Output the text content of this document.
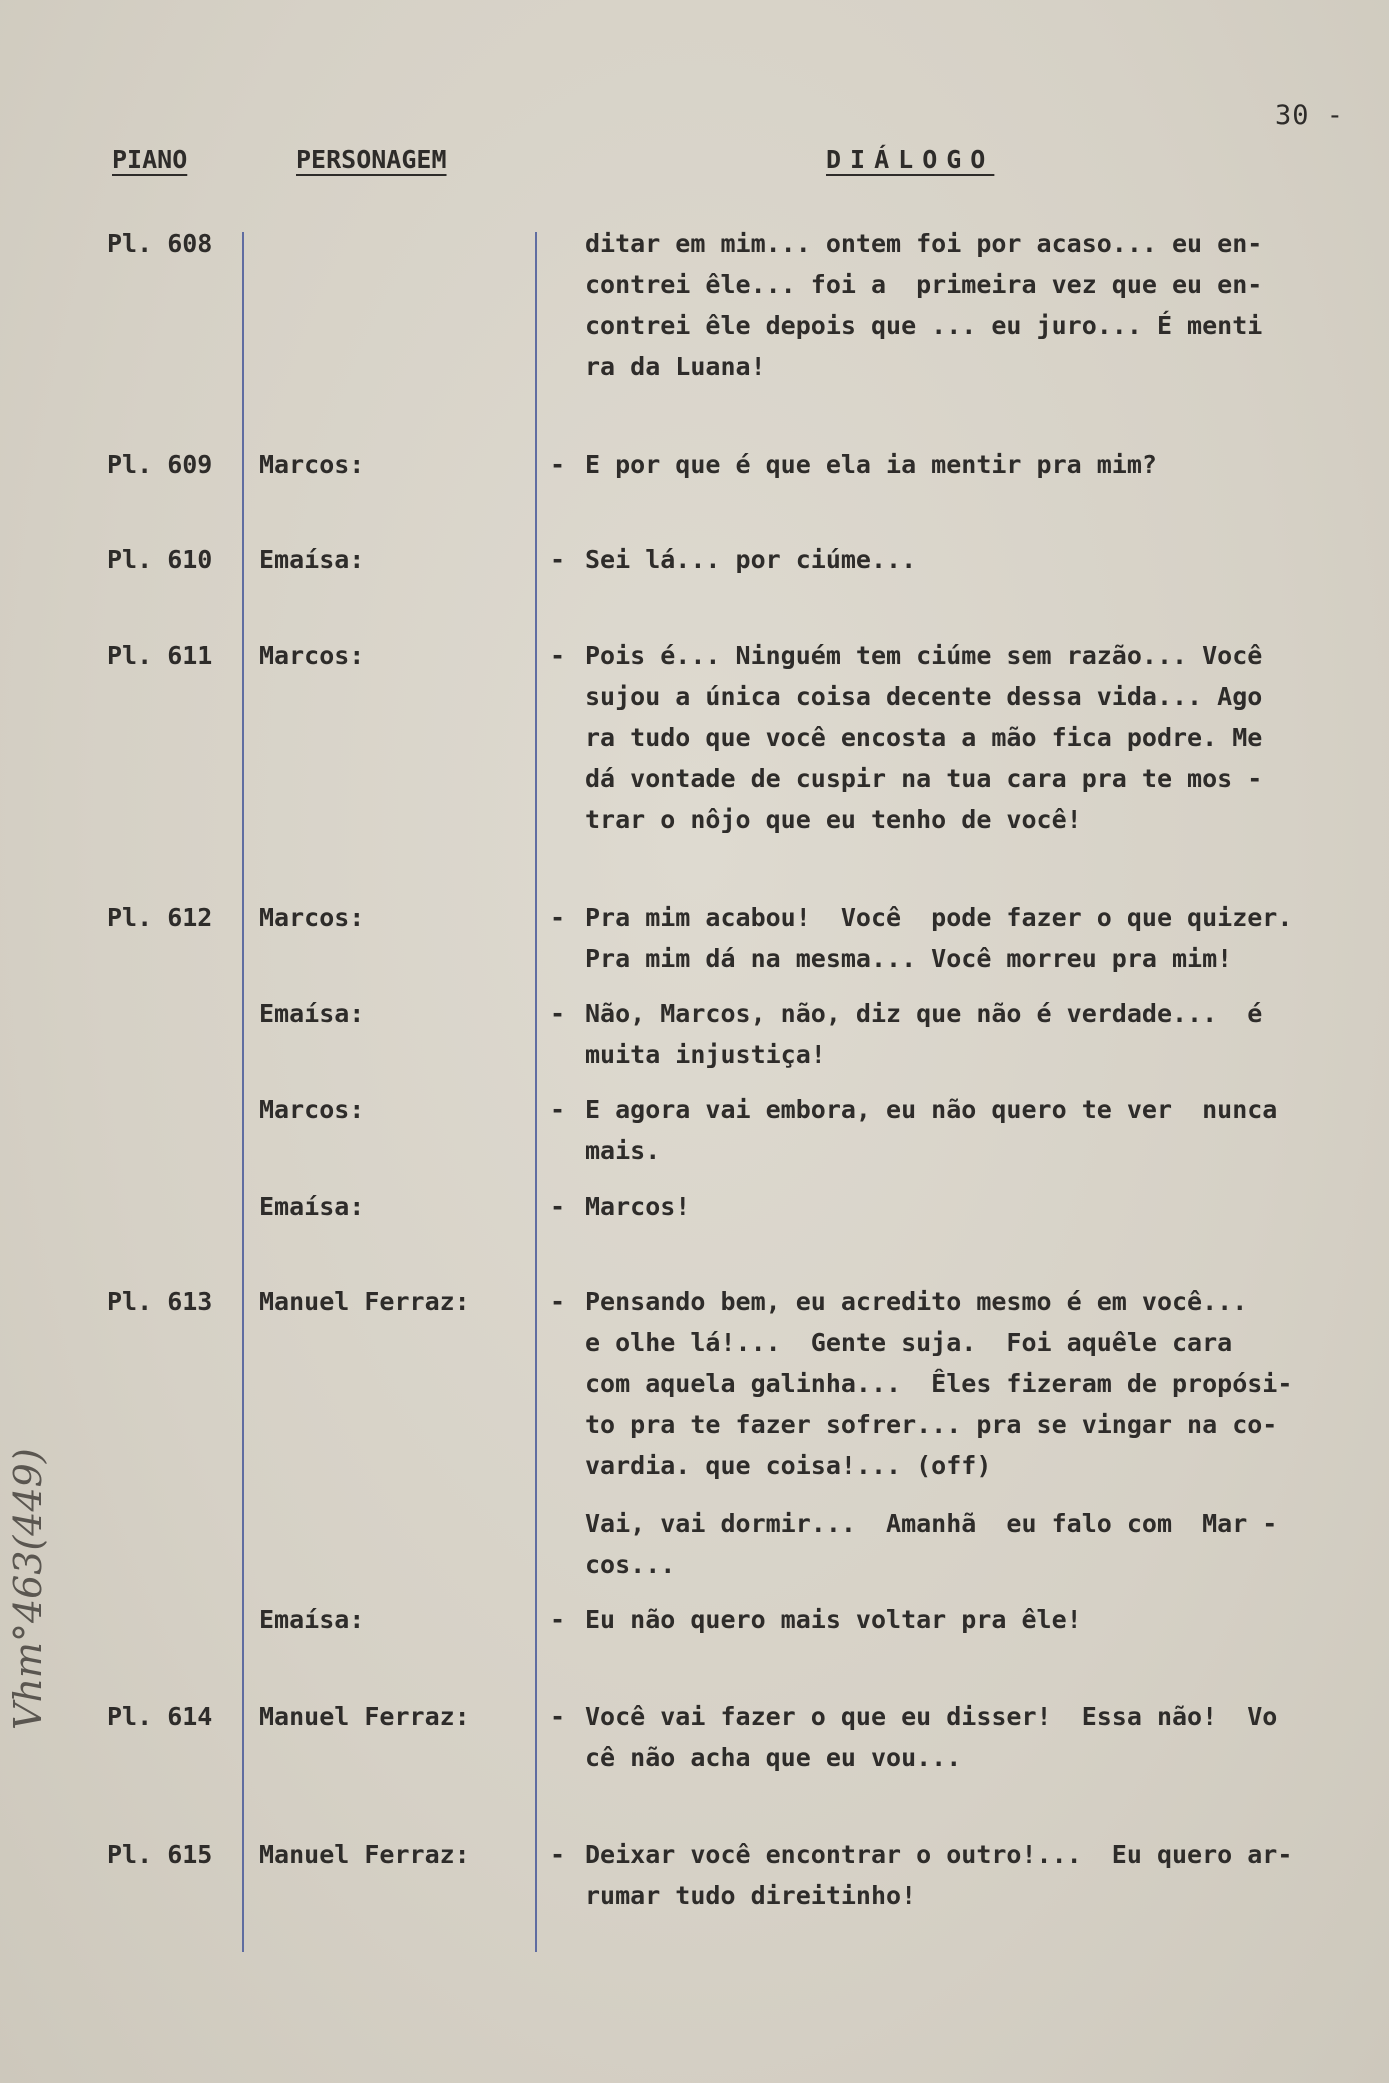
30 -
PIANO	PERSONAGEM	DIÁLOGO
Pl. 608	ditar em mim... ontem foi por acaso... eu en-
contrei êle... foi a  primeira vez que eu en-
contrei êle depois que ... eu juro... É menti
ra da Luana!
Pl. 609 Marcos:	- E por que é que ela ia mentir pra mim?
Pl. 610 Emaísa:	- Sei lá... por ciúme...
Pl. 611 Marcos:	- Pois é... Ninguém tem ciúme sem razão... Você
sujou a única coisa decente dessa vida... Ago
ra tudo que você encosta a mão fica podre. Me
dá vontade de cuspir na tua cara pra te mos -
trar o nôjo que eu tenho de você!
Pl. 612 Marcos:	- Pra mim acabou!  Você  pode fazer o que quizer.
Pra mim dá na mesma... Você morreu pra mim!
Emaísa:	- Não, Marcos, não, diz que não é verdade...  é
muita injustiça!
Marcos:	- E agora vai embora, eu não quero te ver  nunca
mais.
Emaísa:	- Marcos!
Pl. 613 Manuel Ferraz:	- Pensando bem, eu acredito mesmo é em você...
e olhe lá!...  Gente suja.  Foi aquêle cara
com aquela galinha...  Êles fizeram de propósi-
to pra te fazer sofrer... pra se vingar na co-
vardia. que coisa!... (off)
Vai, vai dormir...  Amanhã  eu falo com  Mar -
cos...
Emaísa:	- Eu não quero mais voltar pra êle!
Pl. 614 Manuel Ferraz:	- Você vai fazer o que eu disser!  Essa não!  Vo
cê não acha que eu vou...
Pl. 615 Manuel Ferraz:	- Deixar você encontrar o outro!...  Eu quero ar-
rumar tudo direitinho!
Vhm°463(449)
